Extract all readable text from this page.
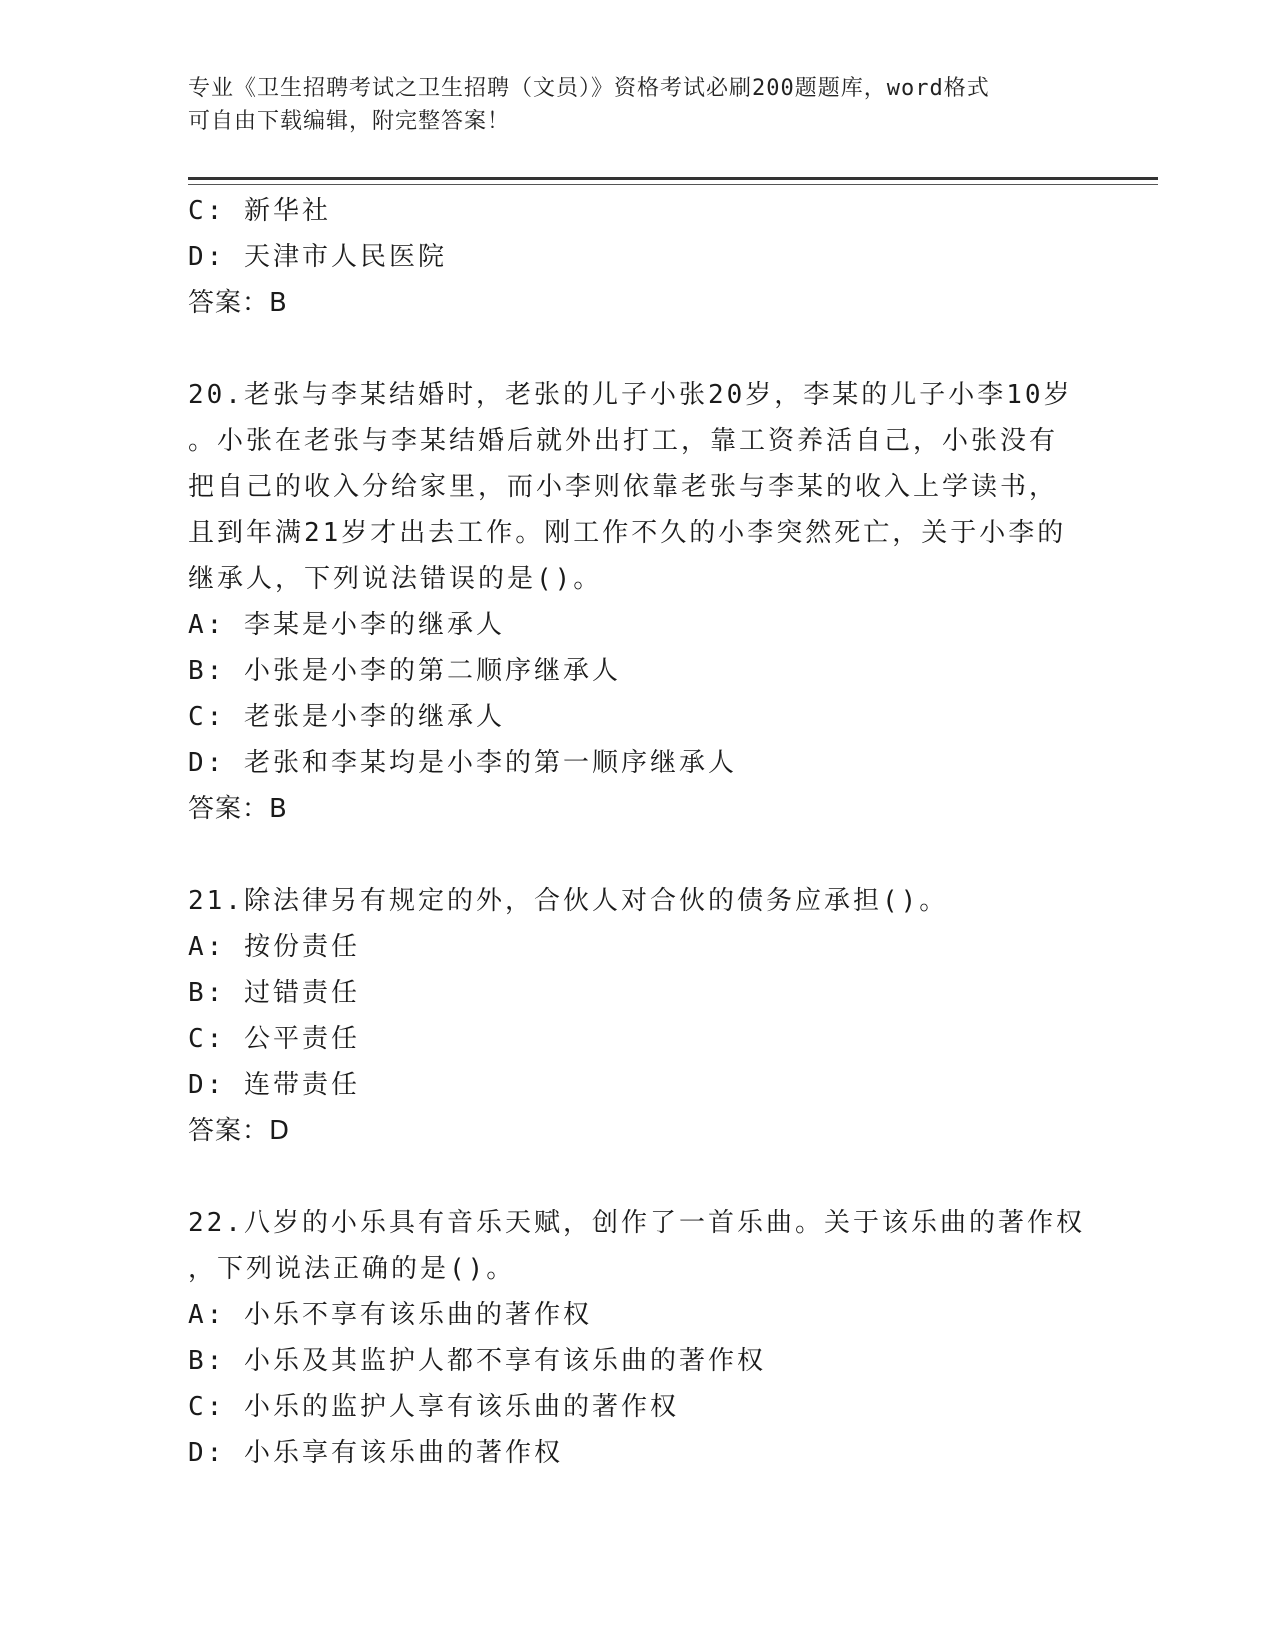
专业《卫生招聘考试之卫生招聘（文员）》资格考试必刷200题题库，word格式
可自由下载编辑，附完整答案！
C: 新华社
D: 天津市人民医院
答案：B
20.老张与李某结婚时，老张的儿子小张20岁，李某的儿子小李10岁
。小张在老张与李某结婚后就外出打工，靠工资养活自己，小张没有
把自己的收入分给家里，而小李则依靠老张与李某的收入上学读书，
且到年满21岁才出去工作。刚工作不久的小李突然死亡，关于小李的
继承人，下列说法错误的是()。
A: 李某是小李的继承人
B: 小张是小李的第二顺序继承人
C: 老张是小李的继承人
D: 老张和李某均是小李的第一顺序继承人
答案：B
21.除法律另有规定的外，合伙人对合伙的债务应承担()。
A: 按份责任
B: 过错责任
C: 公平责任
D: 连带责任
答案：D
22.八岁的小乐具有音乐天赋，创作了一首乐曲。关于该乐曲的著作权
，下列说法正确的是()。
A: 小乐不享有该乐曲的著作权
B: 小乐及其监护人都不享有该乐曲的著作权
C: 小乐的监护人享有该乐曲的著作权
D: 小乐享有该乐曲的著作权
